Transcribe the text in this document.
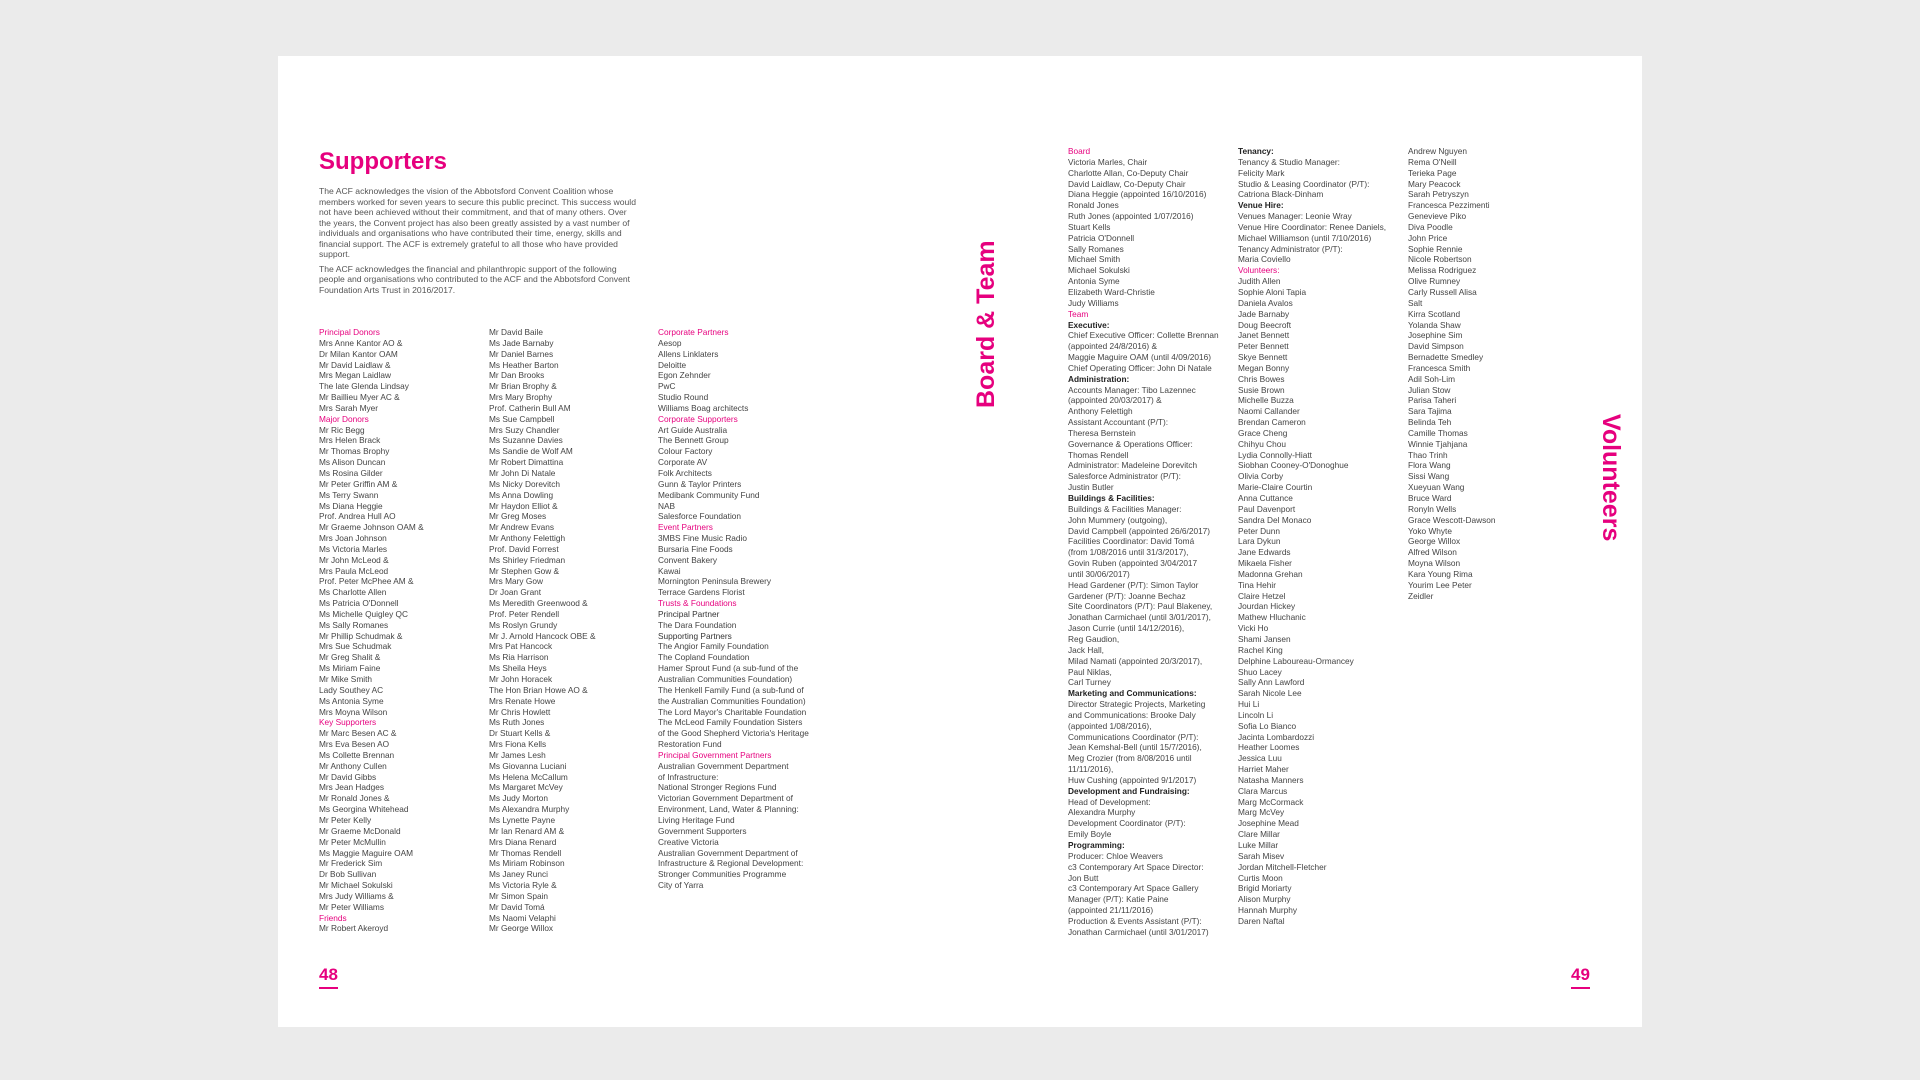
Supporters

The ACF acknowledges the vision of the Abbotsford Convent Coalition whose members worked for seven years to secure this public precinct. This success would not have been achieved without their commitment, and that of many others. Over the years, the Convent project has also been greatly assisted by a vast number of individuals and organisations who have contributed their time, energy, skills and financial support. The ACF is extremely grateful to all those who have provided support.

The ACF acknowledges the financial and philanthropic support of the following people and organisations who contributed to the ACF and the Abbotsford Convent Foundation Arts Trust in 2016/2017.

Principal Donors
Mrs Anne Kantor AO &
Dr Milan Kantor OAM
Mr David Laidlaw &
Mrs Megan Laidlaw
The late Glenda Lindsay
Mr Baillieu Myer AC &
Mrs Sarah Myer
Major Donors
Mr Ric Begg
Mrs Helen Brack
Mr Thomas Brophy
Ms Alison Duncan
Ms Rosina Gilder
Mr Peter Griffin AM &
Ms Terry Swann
Ms Diana Heggie
Prof. Andrea Hull AO
Mr Graeme Johnson OAM &
Mrs Joan Johnson
Ms Victoria Marles
Mr John McLeod &
Mrs Paula McLeod
Prof. Peter McPhee AM &
Ms Charlotte Allen
Ms Patricia O'Donnell
Ms Michelle Quigley QC
Ms Sally Romanes
Mr Phillip Schudmak &
Mrs Sue Schudmak
Mr Greg Shalit &
Ms Miriam Faine
Mr Mike Smith
Lady Southey AC
Ms Antonia Syme
Mrs Moyna Wilson
Key Supporters
Mr Marc Besen AC &
Mrs Eva Besen AO
Ms Collette Brennan
Mr Anthony Cullen
Mr David Gibbs
Mrs Jean Hadges
Mr Ronald Jones &
Ms Georgina Whitehead
Mr Peter Kelly
Mr Graeme McDonald
Mr Peter McMullin
Ms Maggie Maguire OAM
Mr Frederick Sim
Dr Bob Sullivan
Mr Michael Sokulski
Mrs Judy Williams &
Mr Peter Williams
Friends
Mr Robert Akeroyd
Mr David Baile
Ms Jade Barnaby
Mr Daniel Barnes
Ms Heather Barton
Mr Dan Brooks
Mr Brian Brophy &
Mrs Mary Brophy
Prof. Catherin Bull AM
Ms Sue Campbell
Mrs Suzy Chandler
Ms Suzanne Davies
Ms Sandie de Wolf AM
Mr Robert Dimattina
Mr John Di Natale
Ms Nicky Dorevitch
Ms Anna Dowling
Mr Haydon Elliot &
Mr Greg Moses
Mr Andrew Evans
Mr Anthony Felettigh
Prof. David Forrest
Ms Shirley Friedman
Mr Stephen Gow &
Mrs Mary Gow
Dr Joan Grant
Ms Meredith Greenwood &
Prof. Peter Rendell
Ms Roslyn Grundy
Mr J. Arnold Hancock OBE &
Mrs Pat Hancock
Ms Ria Harrison
Ms Sheila Heys
Mr John Horacek
The Hon Brian Howe AO &
Mrs Renate Howe
Mr Chris Howlett
Ms Ruth Jones
Dr Stuart Kells &
Mrs Fiona Kells
Mr James Lesh
Ms Giovanna Luciani
Ms Helena McCallum
Ms Margaret McVey
Ms Judy Morton
Ms Alexandra Murphy
Ms Lynette Payne
Mr Ian Renard AM &
Mrs Diana Renard
Mr Thomas Rendell
Ms Miriam Robinson
Ms Janey Runci
Ms Victoria Ryle &
Mr Simon Spain
Mr David Tomá
Ms Naomi Velaphi
Mr George Willox
Corporate Partners
Aesop
Allens Linklaters
Deloitte
Egon Zehnder
PwC
Studio Round
Williams Boag architects
Corporate Supporters
Art Guide Australia
The Bennett Group
Colour Factory
Corporate AV
Folk Architects
Gunn & Taylor Printers
Medibank Community Fund
NAB
Salesforce Foundation
Event Partners
3MBS Fine Music Radio
Bursaria Fine Foods
Convent Bakery
Kawai
Mornington Peninsula Brewery
Terrace Gardens Florist
Trusts & Foundations
Principal Partner
The Dara Foundation
Supporting Partners
The Angior Family Foundation
The Copland Foundation
Hamer Sprout Fund (a sub-fund of the
Australian Communities Foundation)
The Henkell Family Fund (a sub-fund of
the Australian Communities Foundation)
The Lord Mayor's Charitable Foundation
The McLeod Family Foundation Sisters
of the Good Shepherd Victoria's Heritage
Restoration Fund
Principal Government Partners
Australian Government Department
of Infrastructure:
National Stronger Regions Fund
Victorian Government Department of
Environment, Land, Water & Planning:
Living Heritage Fund
Government Supporters
Creative Victoria
Australian Government Department of
Infrastructure & Regional Development:
Stronger Communities Programme
City of Yarra
48
Board & Team
Board
Victoria Marles, Chair
Charlotte Allan, Co-Deputy Chair
David Laidlaw, Co-Deputy Chair
Diana Heggie (appointed 16/10/2016)
Ronald Jones
Ruth Jones (appointed 1/07/2016)
Stuart Kells
Patricia O'Donnell
Sally Romanes
Michael Smith
Michael Sokulski
Antonia Syme
Elizabeth Ward-Christie
Judy Williams
Team
Executive:
Chief Executive Officer: Collette Brennan
(appointed 24/8/2016) &
Maggie Maguire OAM (until 4/09/2016)
Chief Operating Officer: John Di Natale
Administration:
Accounts Manager: Tibo Lazennec
(appointed 20/03/2017) &
Anthony Felettigh
Assistant Accountant (P/T):
Theresa Bernstein
Governance & Operations Officer:
Thomas Rendell
Administrator: Madeleine Dorevitch
Salesforce Administrator (P/T):
Justin Butler
Buildings & Facilities:
Buildings & Facilities Manager:
John Mummery (outgoing),
David Campbell (appointed 26/6/2017)
Facilities Coordinator: David Tomá
(from 1/08/2016 until 31/3/2017),
Govin Ruben (appointed 3/04/2017
until 30/06/2017)
Head Gardener (P/T): Simon Taylor
Gardener (P/T): Joanne Bechaz
Site Coordinators (P/T): Paul Blakeney,
Jonathan Carmichael (until 3/01/2017),
Jason Currie (until 14/12/2016),
Reg Gaudion,
Jack Hall,
Milad Namati (appointed 20/3/2017),
Paul Niklas,
Carl Turney
Marketing and Communications:
Director Strategic Projects, Marketing
and Communications: Brooke Daly
(appointed 1/08/2016),
Communications Coordinator (P/T):
Jean Kemshal-Bell (until 15/7/2016),
Meg Crozier (from 8/08/2016 until
11/11/2016),
Huw Cushing (appointed 9/1/2017)
Development and Fundraising:
Head of Development:
Alexandra Murphy
Development Coordinator (P/T):
Emily Boyle
Programming:
Producer: Chloe Weavers
c3 Contemporary Art Space Director:
Jon Butt
c3 Contemporary Art Space Gallery
Manager (P/T): Katie Paine
(appointed 21/11/2016)
Production & Events Assistant (P/T):
Jonathan Carmichael (until 3/01/2017)
Tenancy:
Tenancy & Studio Manager:
Felicity Mark
Studio & Leasing Coordinator (P/T):
Catriona Black-Dinham
Venue Hire:
Venues Manager: Leonie Wray
Venue Hire Coordinator: Renee Daniels,
Michael Williamson (until 7/10/2016)
Tenancy Administrator (P/T):
Maria Coviello
Volunteers:
Judith Allen
Sophie Aloni Tapia
Daniela Avalos
Jade Barnaby
Doug Beecroft
Janet Bennett
Peter Bennett
Skye Bennett
Megan Bonny
Chris Bowes
Susie Brown
Michelle Buzza
Naomi Callander
Brendan Cameron
Grace Cheng
Chihyu Chou
Lydia Connolly-Hiatt
Siobhan Cooney-O'Donoghue
Olivia Corby
Marie-Claire Courtin
Anna Cuttance
Paul Davenport
Sandra Del Monaco
Peter Dunn
Lara Dykun
Jane Edwards
Mikaela Fisher
Madonna Grehan
Tina Hehir
Claire Hetzel
Jourdan Hickey
Mathew Hluchanic
Vicki Ho
Shami Jansen
Rachel King
Delphine Laboureau-Ormancey
Shuo Lacey
Sally Ann Lawford
Sarah Nicole Lee
Hui Li
Lincoln Li
Sofia Lo Bianco
Jacinta Lombardozzi
Heather Loomes
Jessica Luu
Harriet Maher
Natasha Manners
Clara Marcus
Marg McCormack
Marg McVey
Josephine Mead
Clare Millar
Luke Millar
Sarah Misev
Jordan Mitchell-Fletcher
Curtis Moon
Brigid Moriarty
Alison Murphy
Hannah Murphy
Daren Naftal
Andrew Nguyen
Rema O'Neill
Terieka Page
Mary Peacock
Sarah Petryszyn
Francesca Pezzimenti
Genevieve Piko
Diva Poodle
John Price
Sophie Rennie
Nicole Robertson
Melissa Rodriguez
Olive Rumney
Carly Russell Alisa
Salt
Kirra Scotland
Yolanda Shaw
Josephine Sim
David Simpson
Bernadette Smedley
Francesca Smith
Adil Soh-Lim
Julian Stow
Parisa Taheri
Sara Tajima
Belinda Teh
Camille Thomas
Winnie Tjahjana
Thao Trinh
Flora Wang
Sissi Wang
Xueyuan Wang
Bruce Ward
Ronyln Wells
Grace Wescott-Dawson
Yoko Whyte
George Willox
Alfred Wilson
Moyna Wilson
Kara Young Rima
Yourim Lee Peter
Zeidler
Volunteers
49
